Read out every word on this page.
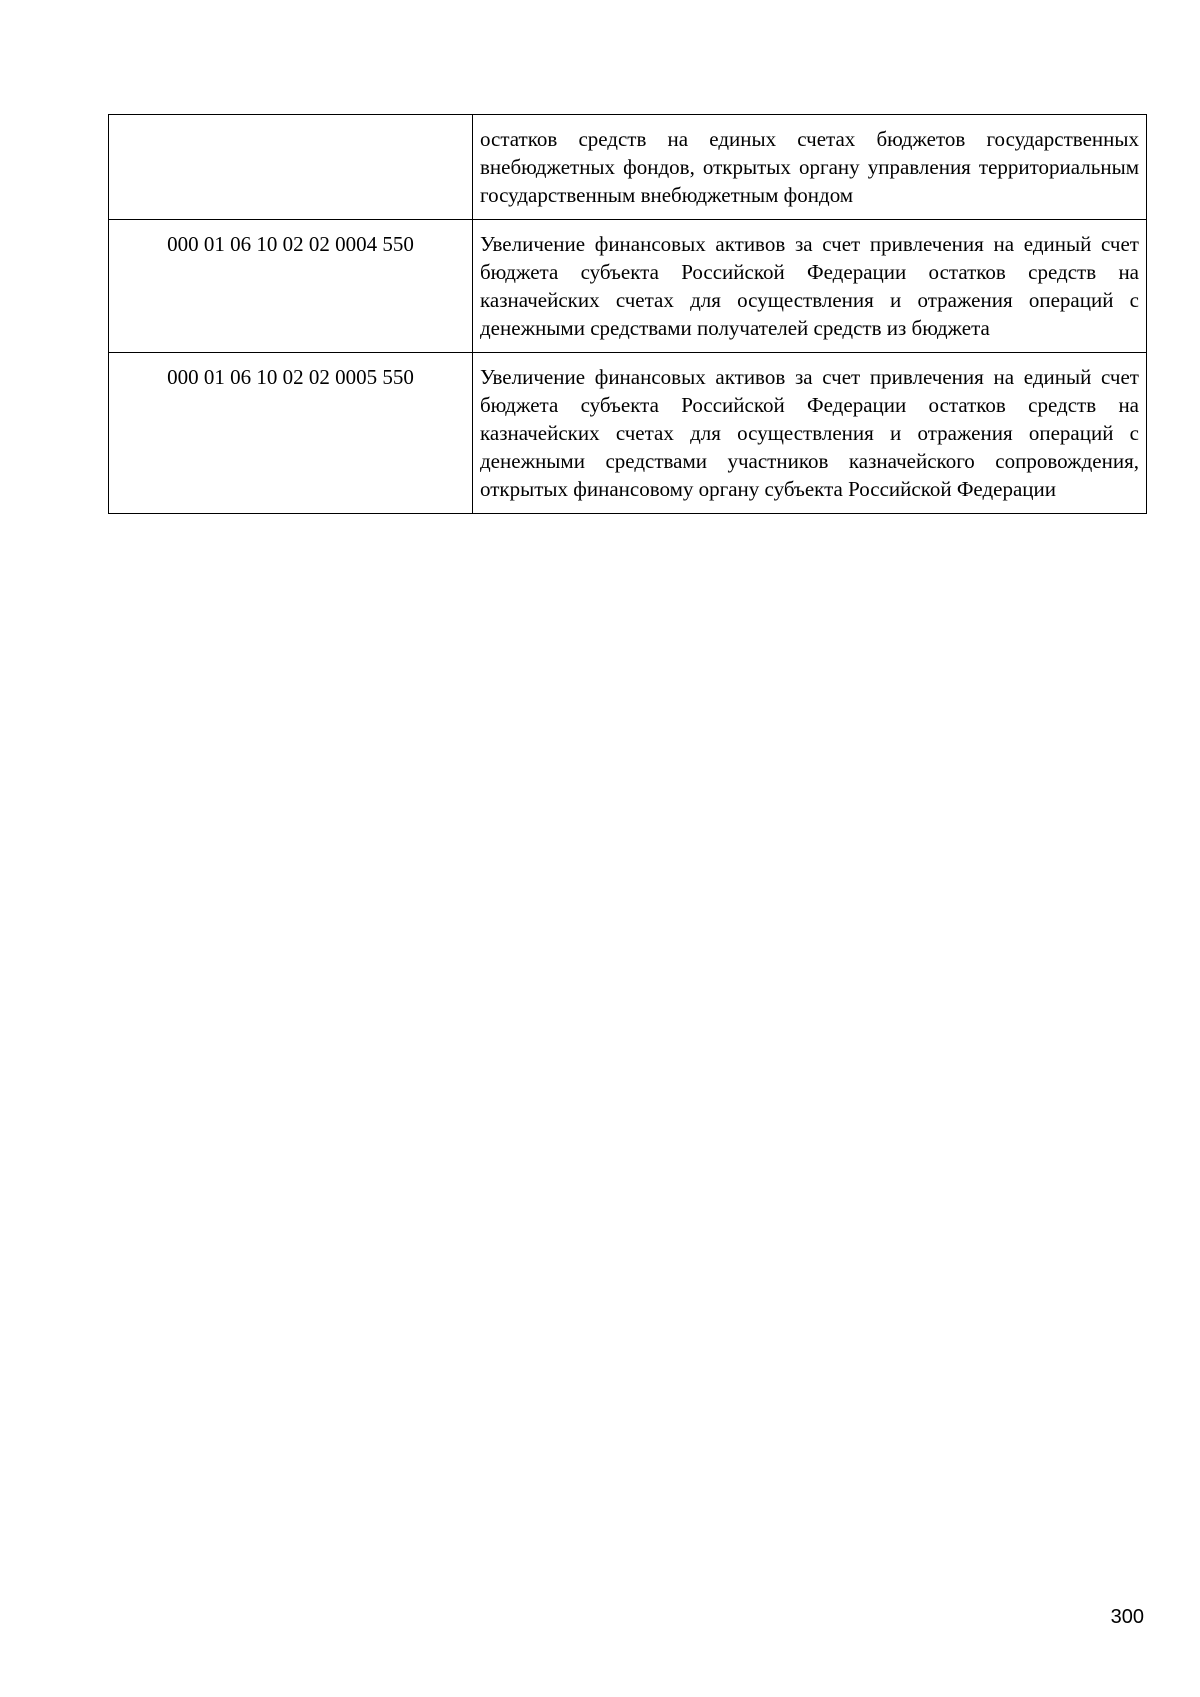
	остатков средств на единых счетах бюджетов государственных внебюджетных фондов, открытых органу управления территориальным государственным внебюджетным фондом
000 01 06 10 02 02 0004 550	Увеличение финансовых активов за счет привлечения на единый счет бюджета субъекта Российской Федерации остатков средств на казначейских счетах для осуществления и отражения операций с денежными средствами получателей средств из бюджета
000 01 06 10 02 02 0005 550	Увеличение финансовых активов за счет привлечения на единый счет бюджета субъекта Российской Федерации остатков средств на казначейских счетах для осуществления и отражения операций с денежными средствами участников казначейского сопровождения, открытых финансовому органу субъекта Российской Федерации
300
